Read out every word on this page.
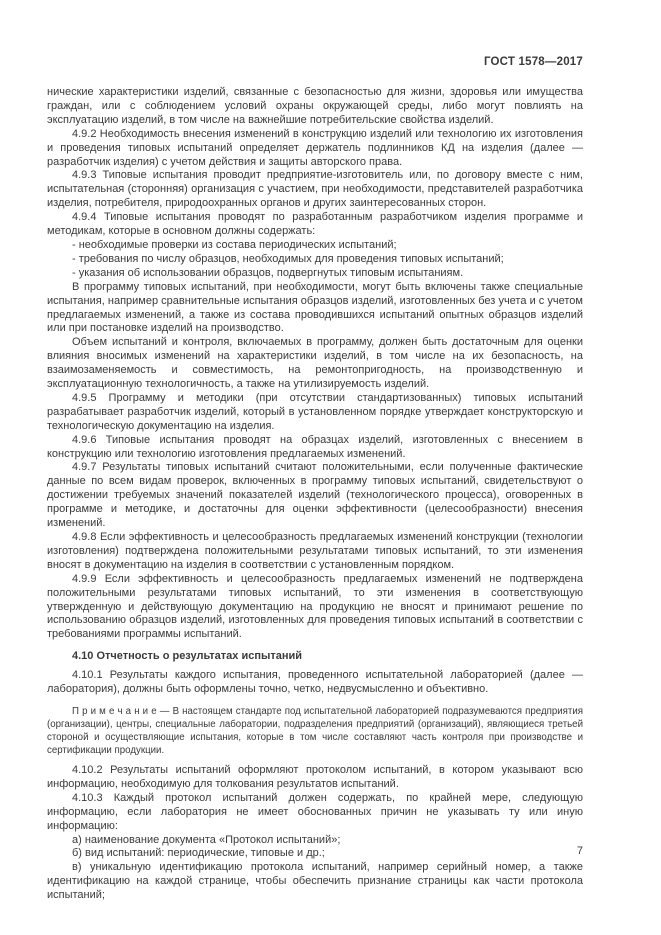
ГОСТ 1578—2017

нические характеристики изделий, связанные с безопасностью для жизни, здоровья или имущества граждан, или с соблюдением условий охраны окружающей среды, либо могут повлиять на эксплуатацию изделий, в том числе на важнейшие потребительские свойства изделий.

4.9.2 Необходимость внесения изменений в конструкцию изделий или технологию их изготовления и проведения типовых испытаний определяет держатель подлинников КД на изделия (далее — разработчик изделия) с учетом действия и защиты авторского права.

4.9.3 Типовые испытания проводит предприятие-изготовитель или, по договору вместе с ним, испытательная (сторонняя) организация с участием, при необходимости, представителей разработчика изделия, потребителя, природоохранных органов и других заинтересованных сторон.

4.9.4 Типовые испытания проводят по разработанным разработчиком изделия программе и методикам, которые в основном должны содержать:

- необходимые проверки из состава периодических испытаний;

- требования по числу образцов, необходимых для проведения типовых испытаний;

- указания об использовании образцов, подвергнутых типовым испытаниям.

В программу типовых испытаний, при необходимости, могут быть включены также специальные испытания, например сравнительные испытания образцов изделий, изготовленных без учета и с учетом предлагаемых изменений, а также из состава проводившихся испытаний опытных образцов изделий или при постановке изделий на производство.

Объем испытаний и контроля, включаемых в программу, должен быть достаточным для оценки влияния вносимых изменений на характеристики изделий, в том числе на их безопасность, на взаимозаменяемость и совместимость, на ремонтопригодность, на производственную и эксплуатационную технологичность, а также на утилизируемость изделий.

4.9.5 Программу и методики (при отсутствии стандартизованных) типовых испытаний разрабатывает разработчик изделий, который в установленном порядке утверждает конструкторскую и технологическую документацию на изделия.

4.9.6 Типовые испытания проводят на образцах изделий, изготовленных с внесением в конструкцию или технологию изготовления предлагаемых изменений.

4.9.7 Результаты типовых испытаний считают положительными, если полученные фактические данные по всем видам проверок, включенных в программу типовых испытаний, свидетельствуют о достижении требуемых значений показателей изделий (технологического процесса), оговоренных в программе и методике, и достаточны для оценки эффективности (целесообразности) внесения изменений.

4.9.8 Если эффективность и целесообразность предлагаемых изменений конструкции (технологии изготовления) подтверждена положительными результатами типовых испытаний, то эти изменения вносят в документацию на изделия в соответствии с установленным порядком.

4.9.9 Если эффективность и целесообразность предлагаемых изменений не подтверждена положительными результатами типовых испытаний, то эти изменения в соответствующую утвержденную и действующую документацию на продукцию не вносят и принимают решение по использованию образцов изделий, изготовленных для проведения типовых испытаний в соответствии с требованиями программы испытаний.

4.10 Отчетность о результатах испытаний

4.10.1 Результаты каждого испытания, проведенного испытательной лабораторией (далее — лаборатория), должны быть оформлены точно, четко, недвусмысленно и объективно.

П р и м е ч а н и е — В настоящем стандарте под испытательной лабораторией подразумеваются предприятия (организации), центры, специальные лаборатории, подразделения предприятий (организаций), являющиеся третьей стороной и осуществляющие испытания, которые в том числе составляют часть контроля при производстве и сертификации продукции.

4.10.2 Результаты испытаний оформляют протоколом испытаний, в котором указывают всю информацию, необходимую для толкования результатов испытаний.

4.10.3 Каждый протокол испытаний должен содержать, по крайней мере, следующую информацию, если лаборатория не имеет обоснованных причин не указывать ту или иную информацию:

а) наименование документа «Протокол испытаний»;

б) вид испытаний: периодические, типовые и др.;

в) уникальную идентификацию протокола испытаний, например серийный номер, а также идентификацию на каждой странице, чтобы обеспечить признание страницы как части протокола испытаний;

7
